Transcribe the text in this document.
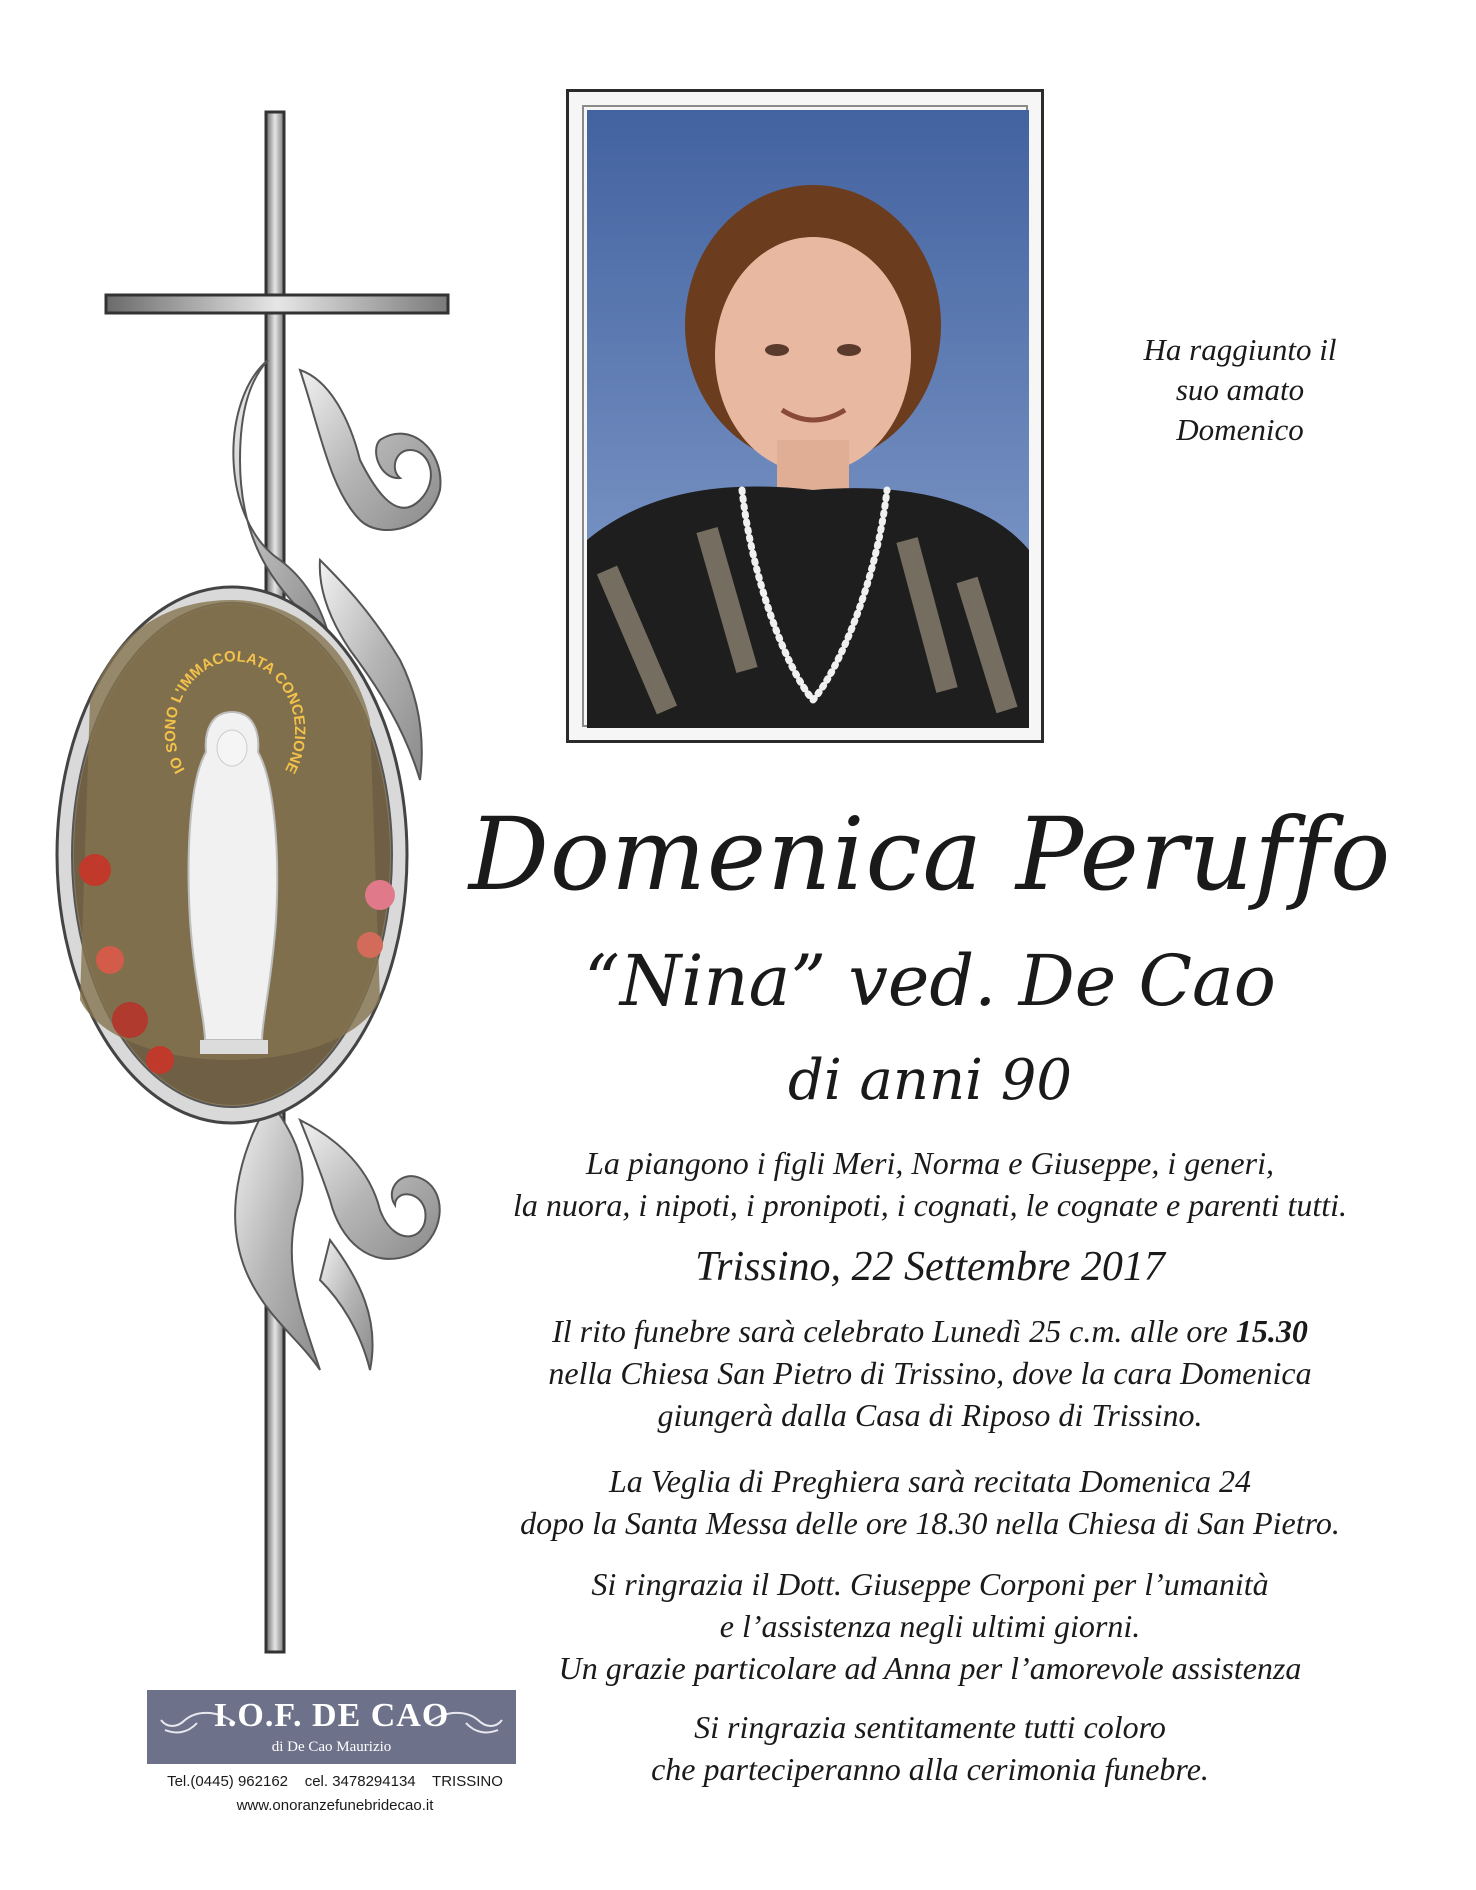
IO SONO L'IMMACOLATA CONCEZIONE
Ha raggiunto il
suo amato
Domenico
Domenica Peruffo
“Nina” ved. De Cao
di anni 90
La piangono i figli Meri, Norma e Giuseppe, i generi,
la nuora, i nipoti, i pronipoti, i cognati, le cognate e parenti tutti.
Trissino, 22 Settembre 2017
Il rito funebre sarà celebrato Lunedì 25 c.m. alle ore 15.30
nella Chiesa San Pietro di Trissino, dove la cara Domenica
giungerà dalla Casa di Riposo di Trissino.
La Veglia di Preghiera sarà recitata Domenica 24
dopo la Santa Messa delle ore 18.30 nella Chiesa di San Pietro.
Si ringrazia il Dott. Giuseppe Corponi per l’umanità
e l’assistenza negli ultimi giorni.
Un grazie particolare ad Anna per l’amorevole assistenza
Si ringrazia sentitamente tutti coloro
che parteciperanno alla cerimonia funebre.
I.O.F. DE CAO
di De Cao Maurizio
Tel.(0445) 962162 cel. 3478294134 TRISSINO
www.onoranzefunebridecao.it
